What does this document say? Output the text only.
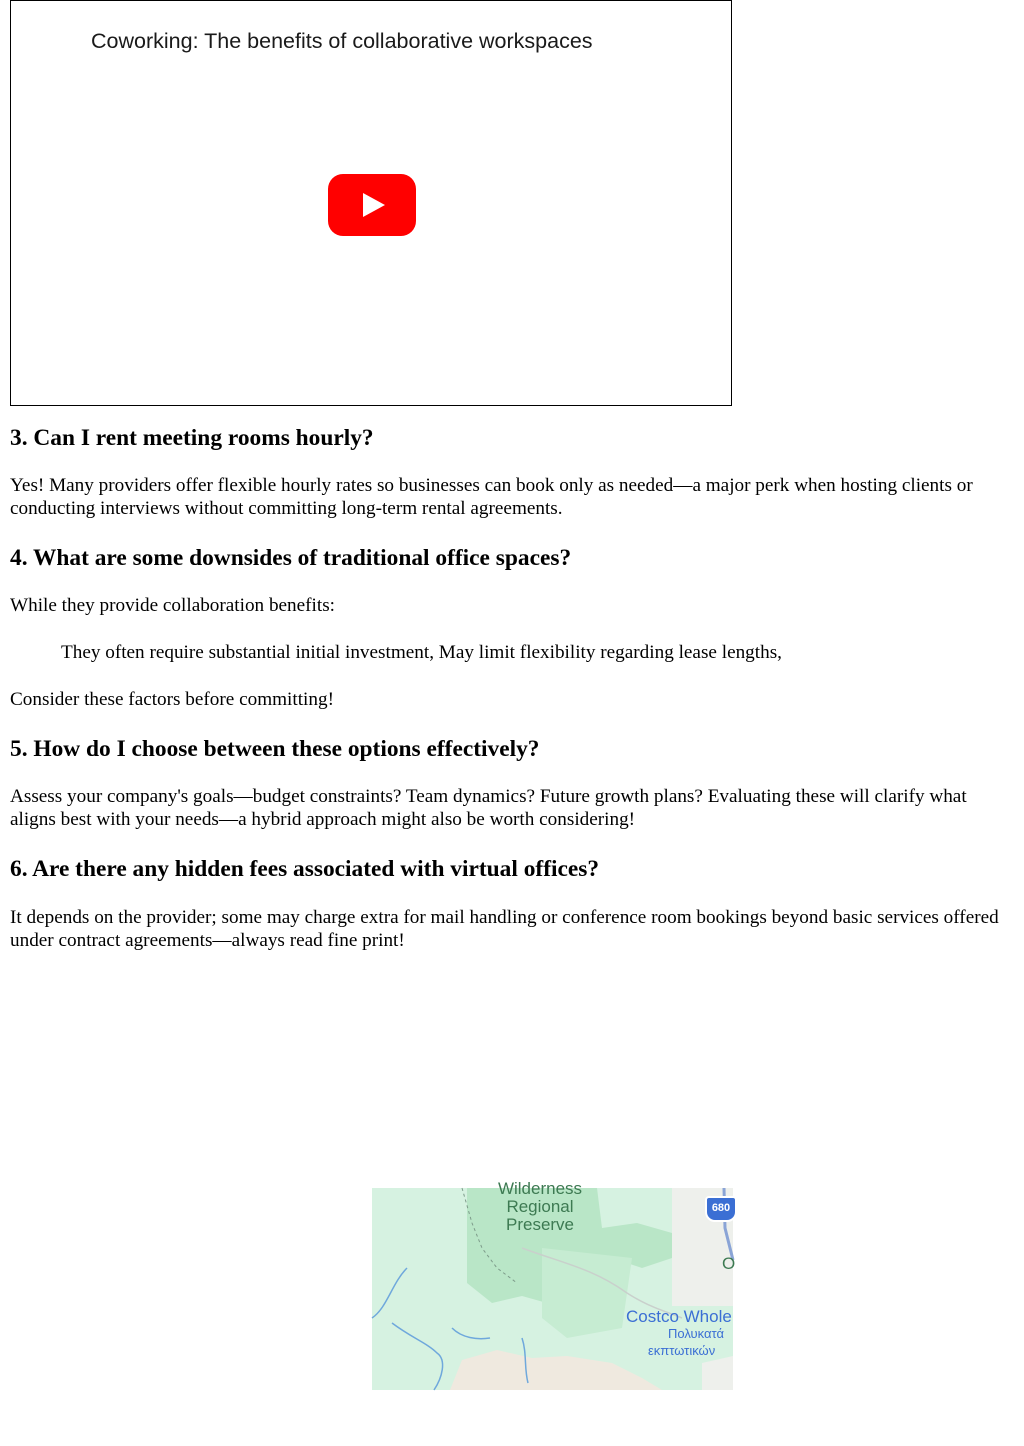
Coworking: The benefits of collaborative workspaces
3. Can I rent meeting rooms hourly?

Yes! Many providers offer flexible hourly rates so businesses can book only as needed—a major perk when hosting clients or conducting interviews without committing long-term rental agreements.

4. What are some downsides of traditional office spaces?

While they provide collaboration benefits:

They often require substantial initial investment, May limit flexibility regarding lease lengths,

Consider these factors before committing!

5. How do I choose between these options effectively?

Assess your company's goals—budget constraints? Team dynamics? Future growth plans? Evaluating these will clarify what aligns best with your needs—a hybrid approach might also be worth considering!

6. Are there any hidden fees associated with virtual offices?

It depends on the provider; some may charge extra for mail handling or conference room bookings beyond basic services offered under contract agreements—always read fine print!

Wilderness
Regional
Preserve
680
O
Costco Whole
Πολυκατά
εκπτωτικών
